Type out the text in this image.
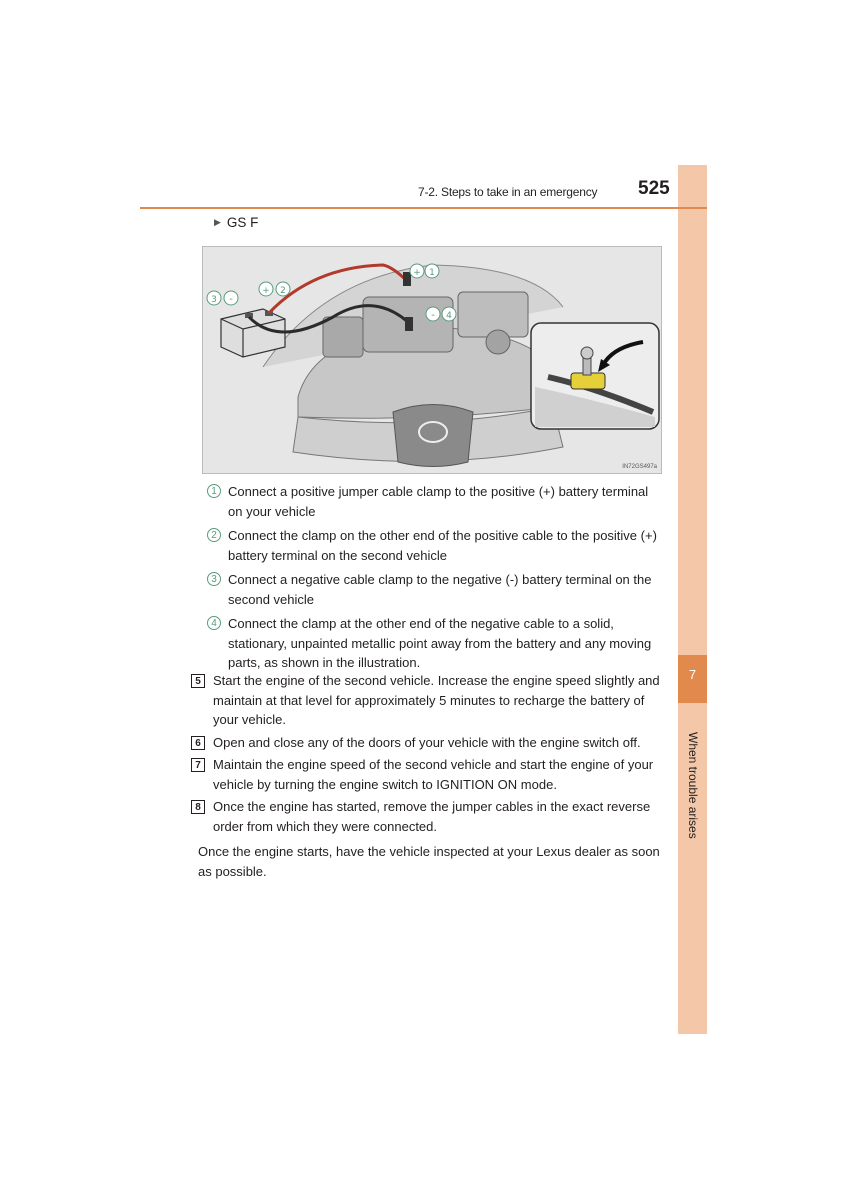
7
When trouble arises
7-2. Steps to take in an emergency 525
▶ GS F
+ 1
+ 2
3 -
- 4
IN72GS497a
1 Connect a positive jumper cable clamp to the positive (+) battery terminal on your vehicle
2 Connect the clamp on the other end of the positive cable to the positive (+) battery terminal on the second vehicle
3 Connect a negative cable clamp to the negative (-) battery terminal on the second vehicle
4 Connect the clamp at the other end of the negative cable to a solid, stationary, unpainted metallic point away from the battery and any moving parts, as shown in the illustration.
5 Start the engine of the second vehicle. Increase the engine speed slightly and maintain at that level for approximately 5 minutes to recharge the battery of your vehicle.
6 Open and close any of the doors of your vehicle with the engine switch off.
7 Maintain the engine speed of the second vehicle and start the engine of your vehicle by turning the engine switch to IGNITION ON mode.
8 Once the engine has started, remove the jumper cables in the exact reverse order from which they were connected.
Once the engine starts, have the vehicle inspected at your Lexus dealer as soon as possible.
